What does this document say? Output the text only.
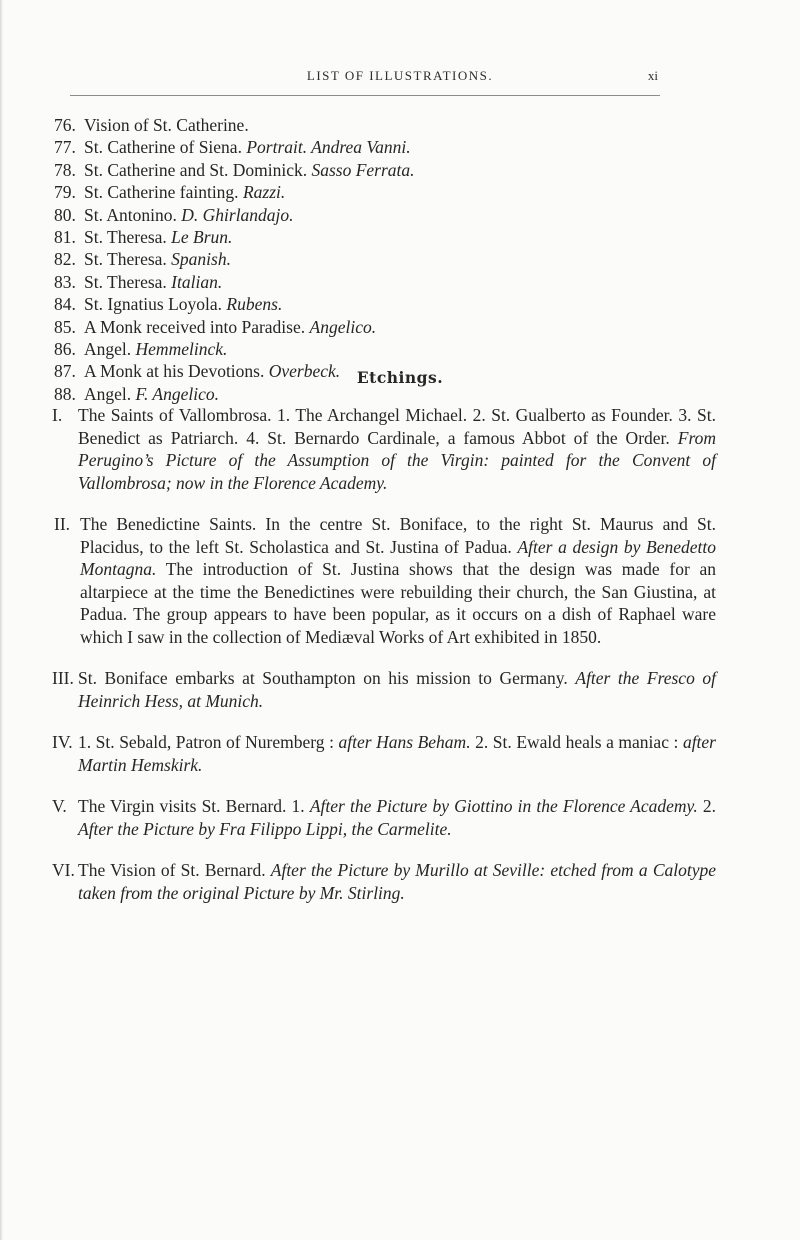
LIST OF ILLUSTRATIONS.	xi
76. Vision of St. Catherine.
77. St. Catherine of Siena. Portrait. Andrea Vanni.
78. St. Catherine and St. Dominick. Sasso Ferrata.
79. St. Catherine fainting. Razzi.
80. St. Antonino. D. Ghirlandajo.
81. St. Theresa. Le Brun.
82. St. Theresa. Spanish.
83. St. Theresa. Italian.
84. St. Ignatius Loyola. Rubens.
85. A Monk received into Paradise. Angelico.
86. Angel. Hemmelinck.
87. A Monk at his Devotions. Overbeck.
88. Angel. F. Angelico.
Etchings.
I. The Saints of Vallombrosa. 1. The Archangel Michael. 2. St. Gualberto as Founder. 3. St. Benedict as Patriarch. 4. St. Bernardo Cardinale, a famous Abbot of the Order. From Perugino’s Picture of the Assumption of the Virgin: painted for the Convent of Vallombrosa; now in the Florence Academy.
II. The Benedictine Saints. In the centre St. Boniface, to the right St. Maurus and St. Placidus, to the left St. Scholastica and St. Justina of Padua. After a design by Benedetto Montagna. The introduction of St. Justina shows that the design was made for an altarpiece at the time the Benedictines were rebuilding their church, the San Giustina, at Padua. The group appears to have been popular, as it occurs on a dish of Raphael ware which I saw in the collection of Mediæval Works of Art exhibited in 1850.
III. St. Boniface embarks at Southampton on his mission to Germany. After the Fresco of Heinrich Hess, at Munich.
IV. 1. St. Sebald, Patron of Nuremberg : after Hans Beham. 2. St. Ewald heals a maniac : after Martin Hemskirk.
V. The Virgin visits St. Bernard. 1. After the Picture by Giottino in the Florence Academy. 2. After the Picture by Fra Filippo Lippi, the Carmelite.
VI. The Vision of St. Bernard. After the Picture by Murillo at Seville: etched from a Calotype taken from the original Picture by Mr. Stirling.
